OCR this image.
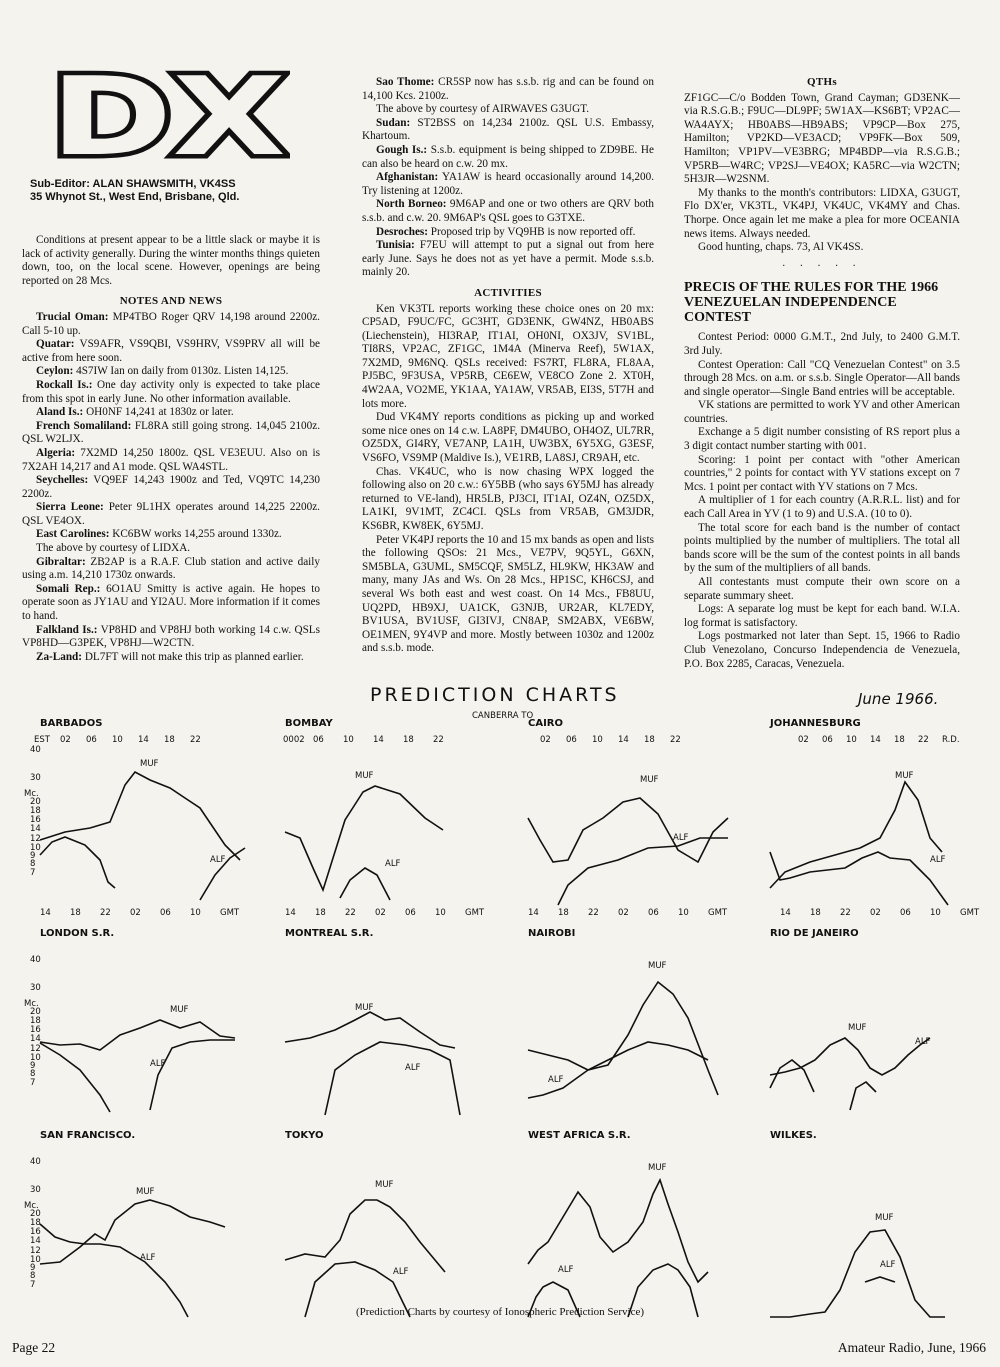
DX
Sub-Editor: ALAN SHAWSMITH, VK4SS
35 Whynot St., West End, Brisbane, Qld.

Conditions at present appear to be a little slack or maybe it is lack of activity generally. During the winter months things quieten down, too, on the local scene. However, openings are being reported on 28 Mcs.

NOTES AND NEWS

Trucial Oman: MP4TBO Roger QRV 14,198 around 2200z. Call 5-10 up.

Quatar: VS9AFR, VS9QBI, VS9HRV, VS9PRV all will be active from here soon.

Ceylon: 4S7IW Ian on daily from 0130z. Listen 14,125.

Rockall Is.: One day activity only is expected to take place from this spot in early June. No other information available.

Aland Is.: OH0NF 14,241 at 1830z or later.

French Somaliland: FL8RA still going strong. 14,045 2100z. QSL W2LJX.

Algeria: 7X2MD 14,250 1800z. QSL VE3EUU. Also on is 7X2AH 14,217 and A1 mode. QSL WA4STL.

Seychelles: VQ9EF 14,243 1900z and Ted, VQ9TC 14,230 2200z.

Sierra Leone: Peter 9L1HX operates around 14,225 2200z. QSL VE4OX.

East Carolines: KC6BW works 14,255 around 1330z.

The above by courtesy of LIDXA.

Gibraltar: ZB2AP is a R.A.F. Club station and active daily using a.m. 14,210 1730z onwards.

Somali Rep.: 6O1AU Smitty is active again. He hopes to operate soon as JY1AU and YI2AU. More information if it comes to hand.

Falkland Is.: VP8HD and VP8HJ both working 14 c.w. QSLs VP8HD—G3PEK, VP8HJ—W2CTN.

Za-Land: DL7FT will not make this trip as planned earlier.

Sao Thome: CR5SP now has s.s.b. rig and can be found on 14,100 Kcs. 2100z.

The above by courtesy of AIRWAVES G3UGT.

Sudan: ST2BSS on 14,234 2100z. QSL U.S. Embassy, Khartoum.

Gough Is.: S.s.b. equipment is being shipped to ZD9BE. He can also be heard on c.w. 20 mx.

Afghanistan: YA1AW is heard occasionally around 14,200. Try listening at 1200z.

North Borneo: 9M6AP and one or two others are QRV both s.s.b. and c.w. 20. 9M6AP's QSL goes to G3TXE.

Desroches: Proposed trip by VQ9HB is now reported off.

Tunisia: F7EU will attempt to put a signal out from here early June. Says he does not as yet have a permit. Mode s.s.b. mainly 20.

ACTIVITIES

Ken VK3TL reports working these choice ones on 20 mx: CP5AD, F9UC/FC, GC3HT, GD3ENK, GW4NZ, HB0ABS (Liechenstein), HI3RAP, IT1AI, OH0NI, OX3JV, SV1BL, TI8RS, VP2AC, ZF1GC, 1M4A (Minerva Reef), 5W1AX, 7X2MD, 9M6NQ. QSLs received: FS7RT, FL8RA, FL8AA, PJ5BC, 9F3USA, VP5RB, CE6EW, VE8CO Zone 2. XT0H, 4W2AA, VO2ME, YK1AA, YA1AW, VR5AB, EI3S, 5T7H and lots more.

Dud VK4MY reports conditions as picking up and worked some nice ones on 14 c.w. LA8PF, DM4UBO, OH4OZ, UL7RR, OZ5DX, GI4RY, VE7ANP, LA1H, UW3BX, 6Y5XG, G3ESF, VS6FO, VS9MP (Maldive Is.), VE1RB, LA8SJ, CR9AH, etc.

Chas. VK4UC, who is now chasing WPX logged the following also on 20 c.w.: 6Y5BB (who says 6Y5MJ has already returned to VE-land), HR5LB, PJ3CI, IT1AI, OZ4N, OZ5DX, LA1KI, 9V1MT, ZC4CI. QSLs from VR5AB, GM3JDR, KS6BR, KW8EK, 6Y5MJ.

Peter VK4PJ reports the 10 and 15 mx bands as open and lists the following QSOs: 21 Mcs., VE7PV, 9Q5YL, G6XN, SM5BLA, G3UML, SM5CQF, SM5LZ, HL9KW, HK3AW and many, many JAs and Ws. On 28 Mcs., HP1SC, KH6CSJ, and several Ws both east and west coast. On 14 Mcs., FB8UU, UQ2PD, HB9XJ, UA1CK, G3NJB, UR2AR, KL7EDY, BV1USA, BV1USF, GI3IVJ, CN8AP, SM2ABX, VE6BW, OE1MEN, 9Y4VP and more. Mostly between 1030z and 1200z and s.s.b. mode.

QTHs

ZF1GC—C/o Bodden Town, Grand Cayman; GD3ENK—via R.S.G.B.; F9UC—DL9PF; 5W1AX—KS6BT; VP2AC—WA4AYX; HB0ABS—HB9ABS; VP9CP—Box 275, Hamilton; VP2KD—VE3ACD; VP9FK—Box 509, Hamilton; VP1PV—VE3BRG; MP4BDP—via R.S.G.B.; VP5RB—W4RC; VP2SJ—VE4OX; KA5RC—via W2CTN; 5H3JR—W2SNM.

My thanks to the month's contributors: LIDXA, G3UGT, Flo DX'er, VK3TL, VK4PJ, VK4UC, VK4MY and Chas. Thorpe. Once again let me make a plea for more OCEANIA news items. Always needed.

Good hunting, chaps. 73, Al VK4SS.

. . . . .
PRECIS OF THE RULES FOR THE 1966 VENEZUELAN INDEPENDENCE CONTEST

Contest Period: 0000 G.M.T., 2nd July, to 2400 G.M.T. 3rd July.

Contest Operation: Call "CQ Venezuelan Contest" on 3.5 through 28 Mcs. on a.m. or s.s.b. Single Operator—All bands and single operator—Single Band entries will be acceptable.

VK stations are permitted to work YV and other American countries.

Exchange a 5 digit number consisting of RS report plus a 3 digit contact number starting with 001.

Scoring: 1 point per contact with "other American countries," 2 points for contact with YV stations except on 7 Mcs. 1 point per contact with YV stations on 7 Mcs.

A multiplier of 1 for each country (A.R.R.L. list) and for each Call Area in YV (1 to 9) and U.S.A. (10 to 0).

The total score for each band is the number of contact points multiplied by the number of multipliers. The total all bands score will be the sum of the contest points in all bands by the sum of the multipliers of all bands.

All contestants must compute their own score on a separate summary sheet.

Logs: A separate log must be kept for each band. W.I.A. log format is satisfactory.

Logs postmarked not later than Sept. 15, 1966 to Radio Club Venezolano, Concurso Independencia de Venezuela, P.O. Box 2285, Caracas, Venezuela.

PREDICTION CHARTS	June 1966.
BARBADOS
7
8
9
10
12
14
16
18
20
30
40
Mc.
MUF
ALF
BOMBAY
MUF
ALF
CAIRO
MUF
ALF
JOHANNESBURG
MUF
ALF
LONDON S.R.
7
8
9
10
12
14
16
18
20
30
40
Mc.
MUF
ALF
MONTREAL S.R.
MUF
ALF
NAIROBI
MUF
ALF
RIO DE JANEIRO
MUF
ALF
SAN FRANCISCO.
7
8
9
10
12
14
16
18
20
30
40
Mc.
MUF
ALF
TOKYO
MUF
ALF
WEST AFRICA S.R.
MUF
ALF
WILKES.
MUF
ALF
EST 02 06 10 14 18 22	0002 06 10 14 18 22	02 06 10 14 18 22	02 06 10 14 18 22 R.D.
CANBERRA TO
14 18 22 02 06 10 GMT	14 18 22 02 06 10 GMT	14 18 22 02 06 10 GMT	14 18 22 02 06 10 GMT
(Prediction Charts by courtesy of Ionospheric Prediction Service)
Page 22	Amateur Radio, June, 1966
